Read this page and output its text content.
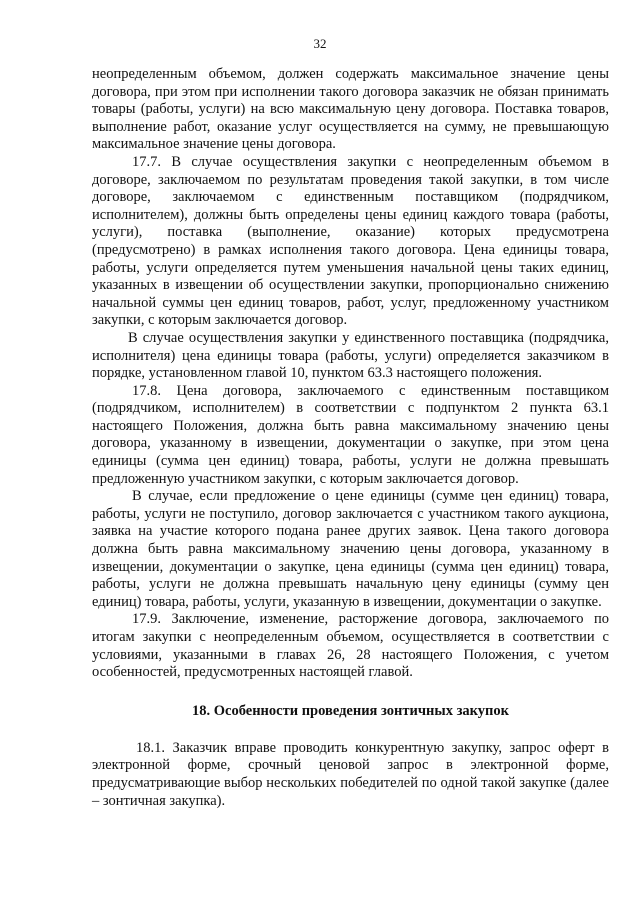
32

неопределенным объемом, должен содержать максимальное значение цены договора, при этом при исполнении такого договора заказчик не обязан принимать товары (работы, услуги) на всю максимальную цену договора. Поставка товаров, выполнение работ, оказание услуг осуществляется на сумму, не превышающую максимальное значение цены договора.

17.7. В случае осуществления закупки с неопределенным объемом в договоре, заключаемом по результатам проведения такой закупки, в том числе договоре, заключаемом с единственным поставщиком (подрядчиком, исполнителем), должны быть определены цены единиц каждого товара (работы, услуги), поставка (выполнение, оказание) которых предусмотрена (предусмотрено) в рамках исполнения такого договора. Цена единицы товара, работы, услуги определяется путем уменьшения начальной цены таких единиц, указанных в извещении об осуществлении закупки, пропорционально снижению начальной суммы цен единиц товаров, работ, услуг, предложенному участником закупки, с которым заключается договор.

В случае осуществления закупки у единственного поставщика (подрядчика, исполнителя) цена единицы товара (работы, услуги) определяется заказчиком в порядке, установленном главой 10, пунктом 63.3 настоящего положения.

17.8. Цена договора, заключаемого с единственным поставщиком (подрядчиком, исполнителем) в соответствии с подпунктом 2 пункта 63.1 настоящего Положения, должна быть равна максимальному значению цены договора, указанному в извещении, документации о закупке, при этом цена единицы (сумма цен единиц) товара, работы, услуги не должна превышать предложенную участником закупки, с которым заключается договор.

В случае, если предложение о цене единицы (сумме цен единиц) товара, работы, услуги не поступило, договор заключается с участником такого аукциона, заявка на участие которого подана ранее других заявок. Цена такого договора должна быть равна максимальному значению цены договора, указанному в извещении, документации о закупке, цена единицы (сумма цен единиц) товара, работы, услуги не должна превышать начальную цену единицы (сумму цен единиц) товара, работы, услуги, указанную в извещении, документации о закупке.

17.9. Заключение, изменение, расторжение договора, заключаемого по итогам закупки с неопределенным объемом, осуществляется в соответствии с условиями, указанными в главах 26, 28 настоящего Положения, с учетом особенностей, предусмотренных настоящей главой.

18. Особенности проведения зонтичных закупок

18.1. Заказчик вправе проводить конкурентную закупку, запрос оферт в электронной форме, срочный ценовой запрос в электронной форме, предусматривающие выбор нескольких победителей по одной такой закупке (далее – зонтичная закупка).
